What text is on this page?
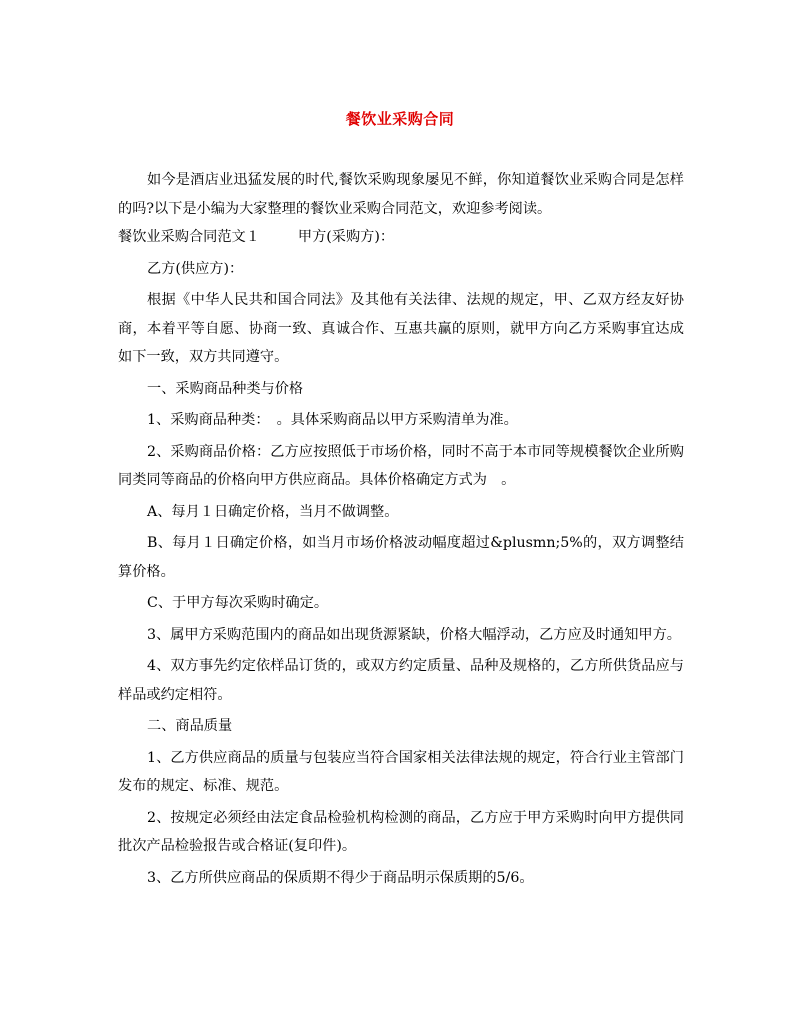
餐饮业采购合同

如今是酒店业迅猛发展的时代,餐饮采购现象屡见不鲜，你知道餐饮业采购合同是怎样的吗?以下是小编为大家整理的餐饮业采购合同范文，欢迎参考阅读。

餐饮业采购合同范文１	甲方(采购方)：

乙方(供应方)：

根据《中华人民共和国合同法》及其他有关法律、法规的规定，甲、乙双方经友好协商，本着平等自愿、协商一致、真诚合作、互惠共赢的原则，就甲方向乙方采购事宜达成如下一致，双方共同遵守。

一、采购商品种类与价格

1、采购商品种类：　。具体采购商品以甲方采购清单为准。

2、采购商品价格：乙方应按照低于市场价格，同时不高于本市同等规模餐饮企业所购同类同等商品的价格向甲方供应商品。具体价格确定方式为　。

A、每月１日确定价格，当月不做调整。

B、每月１日确定价格，如当月市场价格波动幅度超过&plusmn;5%的，双方调整结算价格。

C、于甲方每次采购时确定。

3、属甲方采购范围内的商品如出现货源紧缺，价格大幅浮动，乙方应及时通知甲方。

4、双方事先约定依样品订货的，或双方约定质量、品种及规格的，乙方所供货品应与样品或约定相符。

二、商品质量

1、乙方供应商品的质量与包装应当符合国家相关法律法规的规定，符合行业主管部门发布的规定、标准、规范。

2、按规定必须经由法定食品检验机构检测的商品，乙方应于甲方采购时向甲方提供同批次产品检验报告或合格证(复印件)。

3、乙方所供应商品的保质期不得少于商品明示保质期的5/6。
